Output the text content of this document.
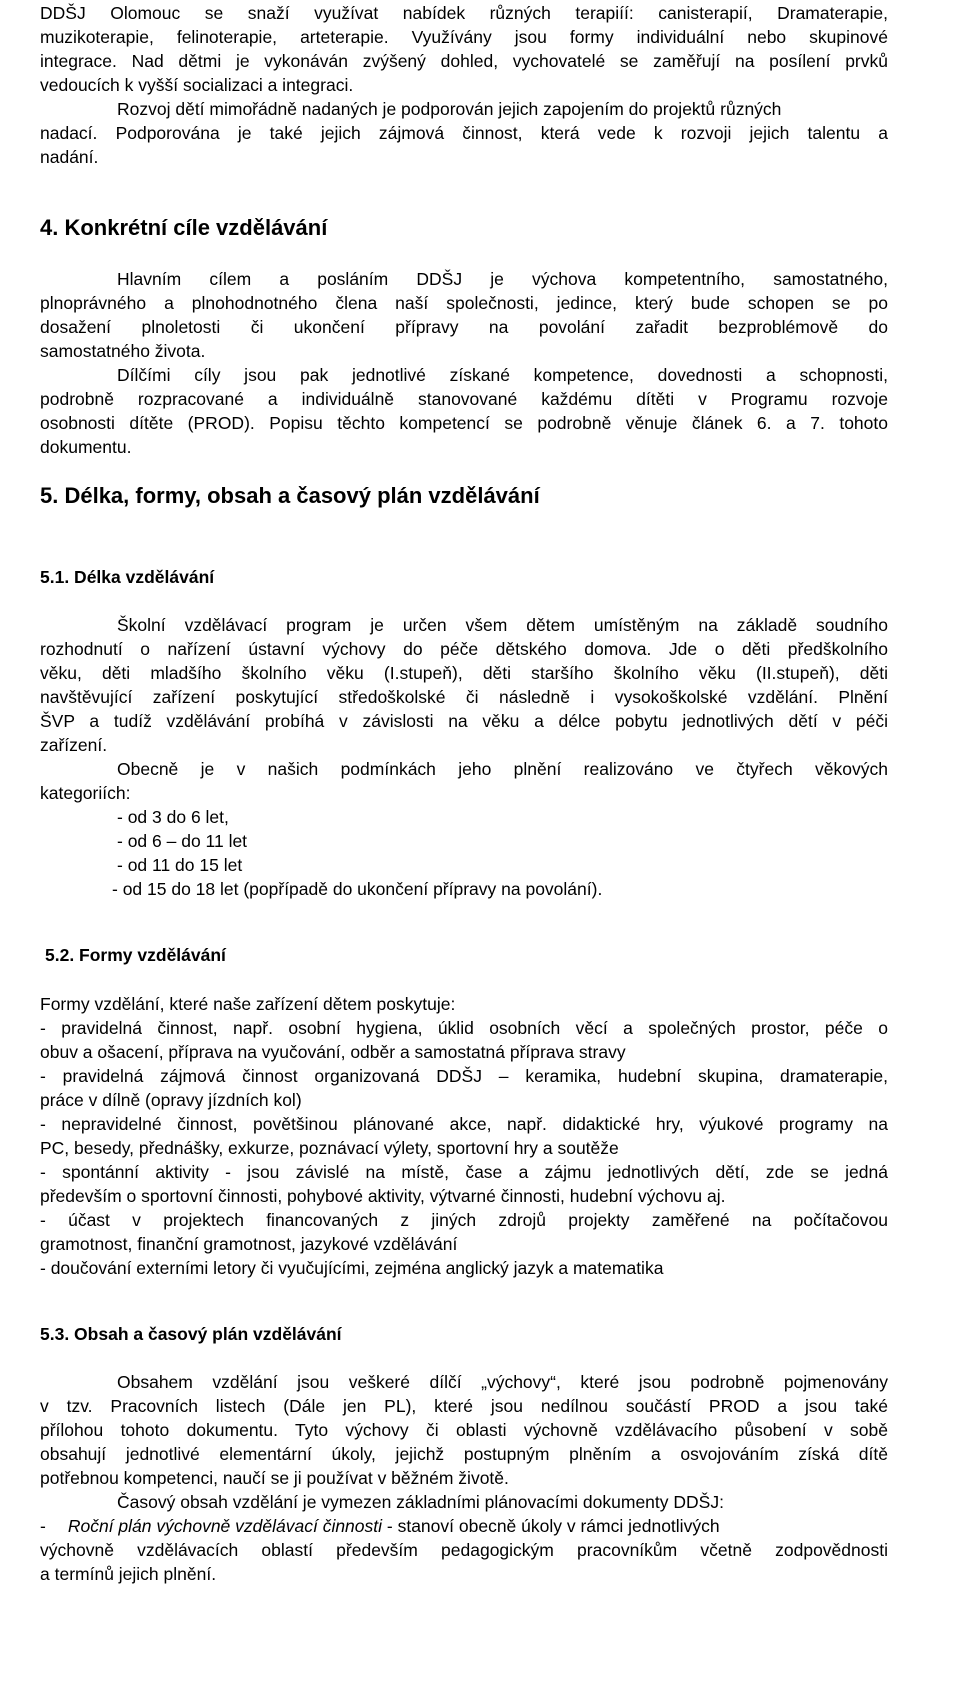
DDŠJ Olomouc se snaží využívat nabídek různých terapiíí: canisterapií, Dramaterapie,

muzikoterapie, felinoterapie, arteterapie. Využívány jsou formy individuální nebo skupinové

integrace. Nad dětmi je vykonáván zvýšený dohled, vychovatelé se zaměřují na posílení prvků

vedoucích k vyšší socializaci a integraci.

Rozvoj dětí mimořádně nadaných je podporován jejich zapojením do projektů různých

nadací. Podporována je také jejich zájmová činnost, která vede k rozvoji jejich talentu a

nadání.

4. Konkrétní cíle vzdělávání

Hlavním cílem a posláním DDŠJ je výchova kompetentního, samostatného,

plnoprávného a plnohodnotného člena naší společnosti, jedince, který bude schopen se po

dosažení plnoletosti či ukončení přípravy na povolání zařadit bezproblémově do

samostatného života.

Dílčími cíly jsou pak jednotlivé získané kompetence, dovednosti a schopnosti,

podrobně rozpracované a individuálně stanovované každému dítěti v Programu rozvoje

osobnosti dítěte (PROD). Popisu těchto kompetencí se podrobně věnuje článek 6. a 7. tohoto

dokumentu.

5. Délka, formy, obsah a časový plán vzdělávání
5.1. Délka vzdělávání

Školní vzdělávací program je určen všem dětem umístěným na základě soudního

rozhodnutí o nařízení ústavní výchovy do péče dětského domova. Jde o děti předškolního

věku, děti mladšího školního věku (I.stupeň), děti staršího školního věku (II.stupeň), děti

navštěvující zařízení poskytující středoškolské či následně i vysokoškolské vzdělání. Plnění

ŠVP a tudíž vzdělávání probíhá v závislosti na věku a délce pobytu jednotlivých dětí v péči

zařízení.

Obecně je v našich podmínkách jeho plnění realizováno ve čtyřech věkových

kategoriích:

- od 3 do 6 let,

- od 6 – do 11 let

- od 11 do 15 let

- od 15 do 18 let (popřípadě do ukončení přípravy na povolání).

5.2. Formy vzdělávání

Formy vzdělání, které naše zařízení dětem poskytuje:

- pravidelná činnost, např. osobní hygiena, úklid osobních věcí a společných prostor, péče o

obuv a ošacení, příprava na vyučování, odběr a samostatná příprava stravy

- pravidelná zájmová činnost organizovaná DDŠJ – keramika, hudební skupina, dramaterapie,

práce v dílně (opravy jízdních kol)

- nepravidelné činnost, povětšinou plánované akce, např. didaktické hry, výukové programy na

PC, besedy, přednášky, exkurze, poznávací výlety, sportovní hry a soutěže

- spontánní aktivity - jsou závislé na místě, čase a zájmu jednotlivých dětí, zde se jedná

především o sportovní činnosti, pohybové aktivity, výtvarné činnosti, hudební výchovu aj.

- účast v projektech financovaných z jiných zdrojů projekty zaměřené na počítačovou

gramotnost, finanční gramotnost, jazykové vzdělávání

- doučování externími letory či vyučujícími, zejména anglický jazyk a matematika

5.3. Obsah a časový plán vzdělávání

Obsahem vzdělání jsou veškeré dílčí „výchovy“, které jsou podrobně pojmenovány

v tzv. Pracovních listech (Dále jen PL), které jsou nedílnou součástí PROD a jsou také

přílohou tohoto dokumentu. Tyto výchovy či oblasti výchovně vzdělávacího působení v sobě

obsahují jednotlivé elementární úkoly, jejichž postupným plněním a osvojováním získá dítě

potřebnou kompetenci, naučí se ji používat v běžném životě.

Časový obsah vzdělání je vymezen základními plánovacími dokumenty DDŠJ:

- Roční plán výchovně vzdělávací činnosti - stanoví obecně úkoly v rámci jednotlivých

výchovně vzdělávacích oblastí především pedagogickým pracovníkům včetně zodpovědnosti

a termínů jejich plnění.
